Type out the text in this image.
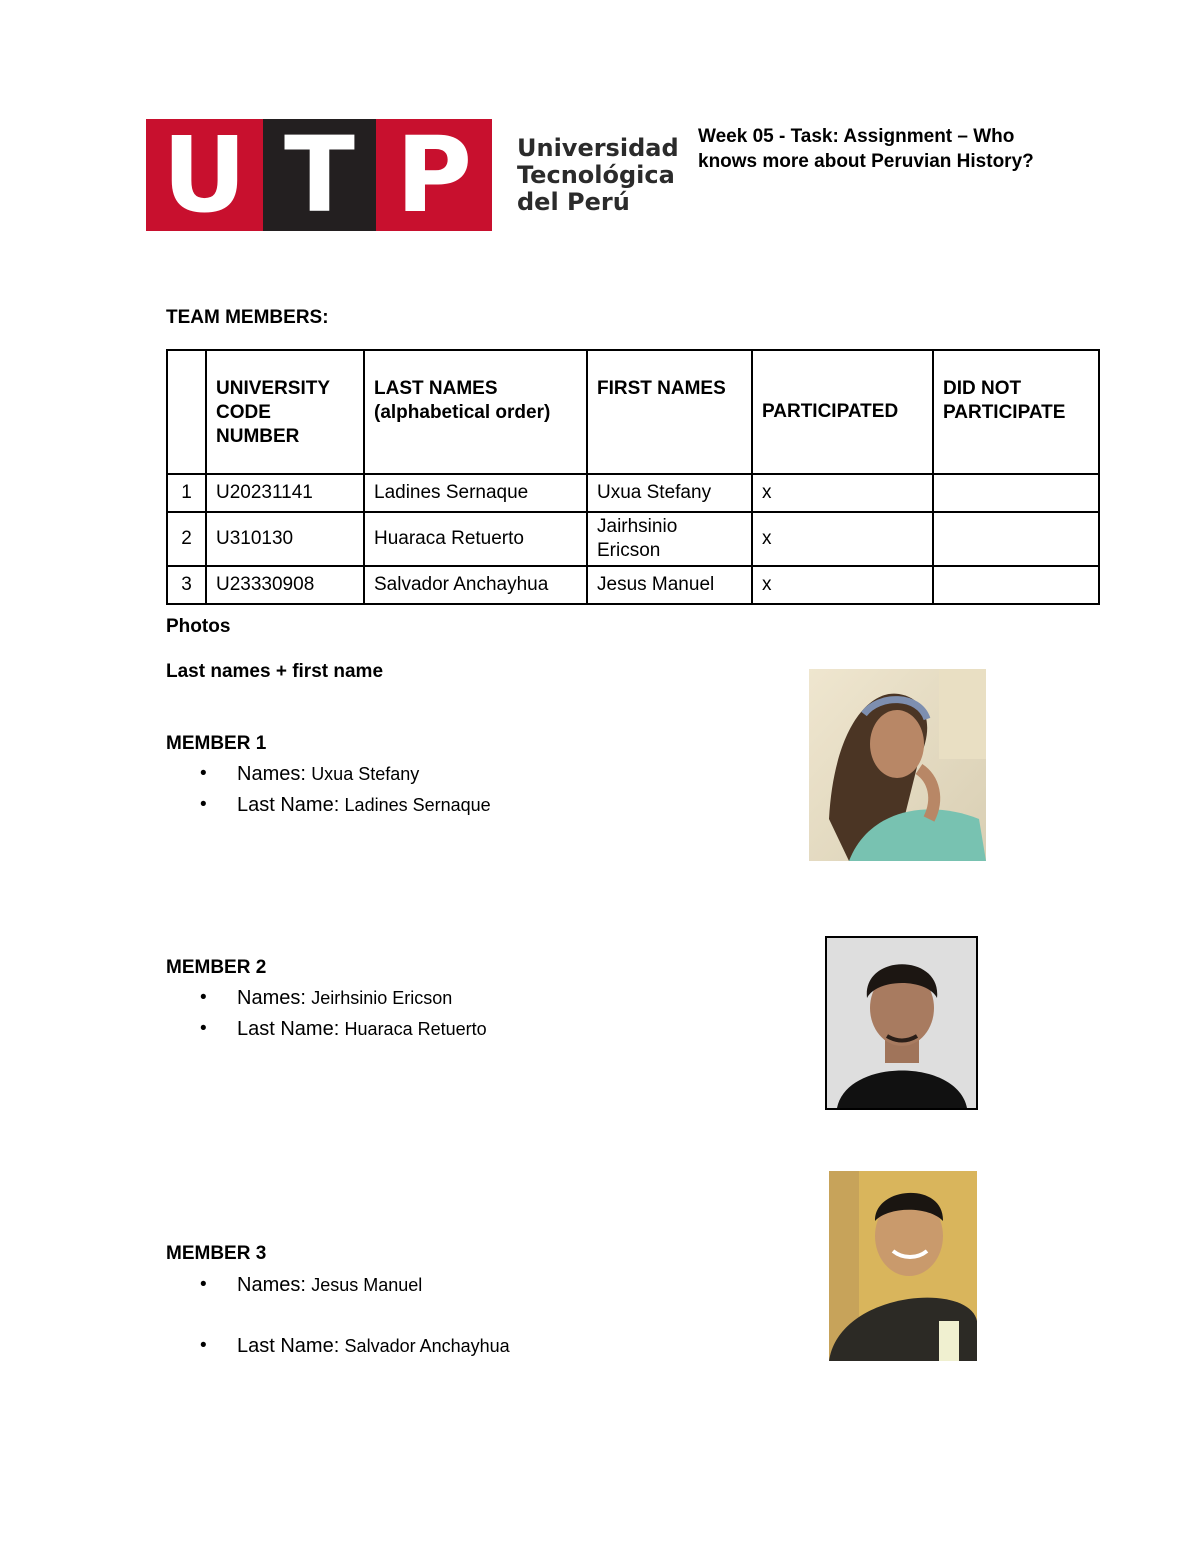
U T P Universidad
Tecnológica
del Perú
Week 05 - Task: Assignment – Who knows more about Peruvian History?
TEAM MEMBERS:
	UNIVERSITY CODE NUMBER	LAST NAMES (alphabetical order)	FIRST NAMES	PARTICIPATED	DID NOT PARTICIPATE
1	U20231141	Ladines Sernaque	Uxua Stefany	x	
2	U310130	Huaraca Retuerto	Jairhsinio Ericson	x	
3	U23330908	Salvador Anchayhua	Jesus Manuel	x	
Photos
Last names + first name
MEMBER 1
• Names: Uxua Stefany
• Last Name: Ladines Sernaque
MEMBER 2
• Names: Jeirhsinio Ericson
• Last Name: Huaraca Retuerto
MEMBER 3
• Names: Jesus Manuel
• Last Name: Salvador Anchayhua
